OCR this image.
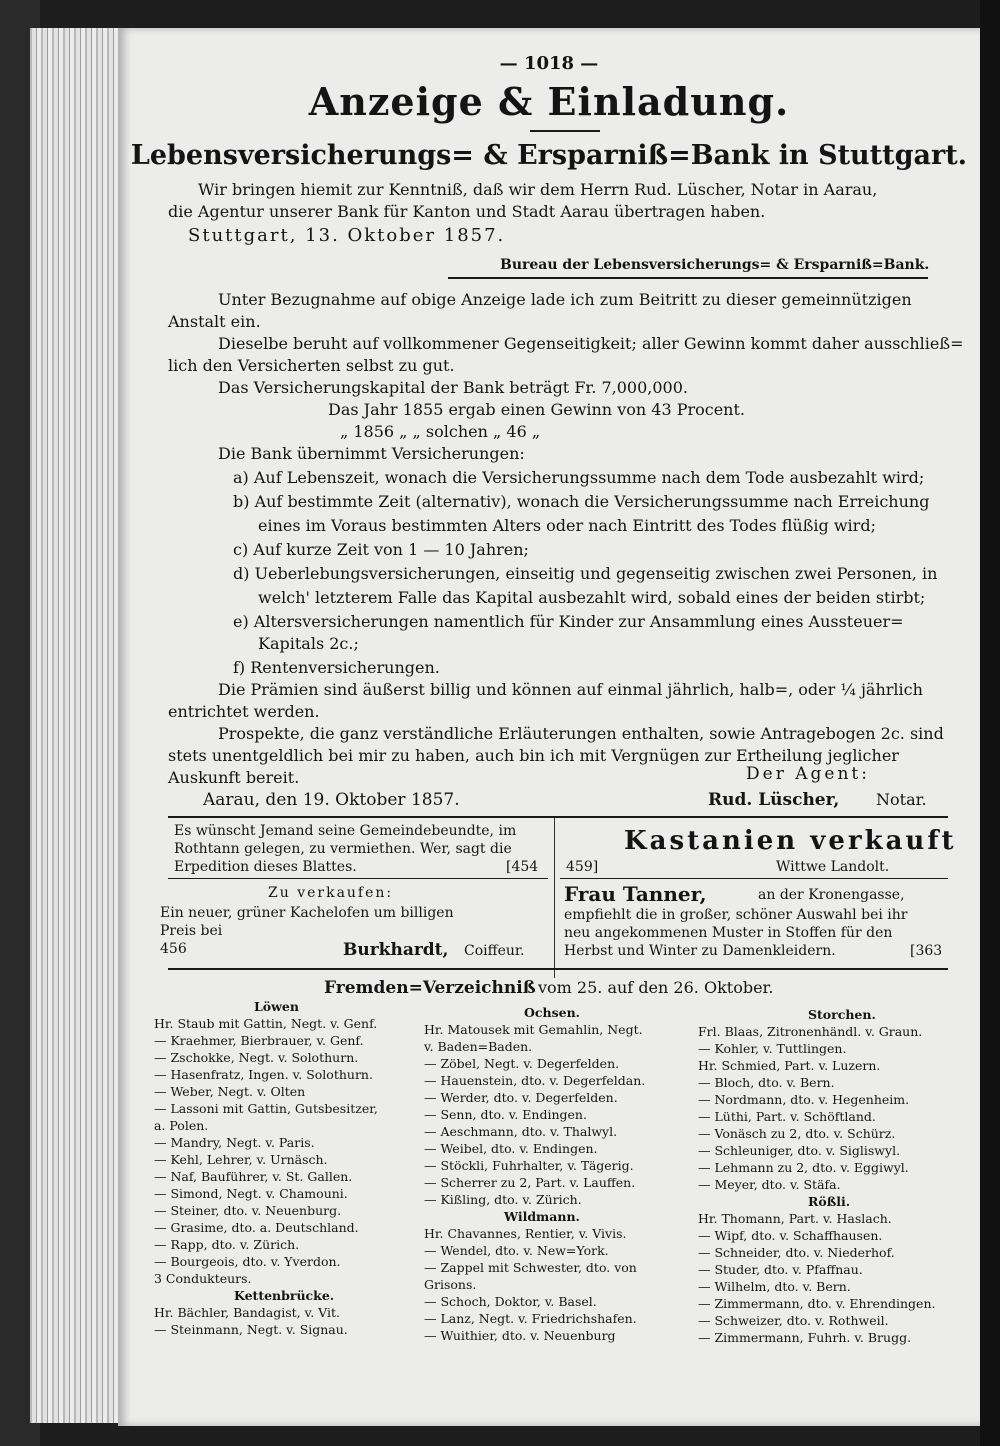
— 1018 —
Anzeige & Einladung.
Lebensversicherungs= & Ersparniß=Bank in Stuttgart.
Wir bringen hiemit zur Kenntniß, daß wir dem Herrn Rud. Lüscher, Notar in Aarau,
die Agentur unserer Bank für Kanton und Stadt Aarau übertragen haben.
Stuttgart, 13. Oktober 1857.
Bureau der Lebensversicherungs= & Ersparniß=Bank.
Unter Bezugnahme auf obige Anzeige lade ich zum Beitritt zu dieser gemeinnützigen
Anstalt ein.
Dieselbe beruht auf vollkommener Gegenseitigkeit; aller Gewinn kommt daher ausschließ=
lich den Versicherten selbst zu gut.
Das Versicherungskapital der Bank beträgt Fr. 7,000,000.
Das Jahr 1855 ergab einen Gewinn von 43 Procent.
„ 1856 „ „ solchen „ 46 „
Die Bank übernimmt Versicherungen:
a) Auf Lebenszeit, wonach die Versicherungssumme nach dem Tode ausbezahlt wird;
b) Auf bestimmte Zeit (alternativ), wonach die Versicherungssumme nach Erreichung
eines im Voraus bestimmten Alters oder nach Eintritt des Todes flüßig wird;
c) Auf kurze Zeit von 1 — 10 Jahren;
d) Ueberlebungsversicherungen, einseitig und gegenseitig zwischen zwei Personen, in
welch' letzterem Falle das Kapital ausbezahlt wird, sobald eines der beiden stirbt;
e) Altersversicherungen namentlich für Kinder zur Ansammlung eines Aussteuer=
Kapitals 2c.;
f) Rentenversicherungen.
Die Prämien sind äußerst billig und können auf einmal jährlich, halb=, oder ¼ jährlich
entrichtet werden.
Prospekte, die ganz verständliche Erläuterungen enthalten, sowie Antragebogen 2c. sind
stets unentgeldlich bei mir zu haben, auch bin ich mit Vergnügen zur Ertheilung jeglicher
Auskunft bereit.	Der Agent:
Aarau, den 19. Oktober 1857.	Rud. Lüscher, Notar.
Es wünscht Jemand seine Gemeindebeundte, im
Rothtann gelegen, zu vermiethen. Wer, sagt die
Erpedition dieses Blattes.	[454
Zu verkaufen:
Ein neuer, grüner Kachelofen um billigen
Preis bei
456	Burkhardt, Coiffeur.
Kastanien verkauft
459]	Wittwe Landolt.
Frau Tanner,	an der Kronengasse,
empfiehlt die in großer, schöner Auswahl bei ihr
neu angekommenen Muster in Stoffen für den
Herbst und Winter zu Damenkleidern.	[363
Fremden=Verzeichniß vom 25. auf den 26. Oktober.
Löwen
Hr. Staub mit Gattin, Negt. v. Genf.
— Kraehmer, Bierbrauer, v. Genf.
— Zschokke, Negt. v. Solothurn.
— Hasenfratz, Ingen. v. Solothurn.
— Weber, Negt. v. Olten
— Lassoni mit Gattin, Gutsbesitzer,
a. Polen.
— Mandry, Negt. v. Paris.
— Kehl, Lehrer, v. Urnäsch.
— Naf, Bauführer, v. St. Gallen.
— Simond, Negt. v. Chamouni.
— Steiner, dto. v. Neuenburg.
— Grasime, dto. a. Deutschland.
— Rapp, dto. v. Zürich.
— Bourgeois, dto. v. Yverdon.
3 Condukteurs.
Kettenbrücke.
Hr. Bächler, Bandagist, v. Vit.
— Steinmann, Negt. v. Signau.
Ochsen.
Hr. Matousek mit Gemahlin, Negt.
v. Baden=Baden.
— Zöbel, Negt. v. Degerfelden.
— Hauenstein, dto. v. Degerfeldan.
— Werder, dto. v. Degerfelden.
— Senn, dto. v. Endingen.
— Aeschmann, dto. v. Thalwyl.
— Weibel, dto. v. Endingen.
— Stöckli, Fuhrhalter, v. Tägerig.
— Scherrer zu 2, Part. v. Lauffen.
— Kißling, dto. v. Zürich.
Wildmann.
Hr. Chavannes, Rentier, v. Vivis.
— Wendel, dto. v. New=York.
— Zappel mit Schwester, dto. von
Grisons.
— Schoch, Doktor, v. Basel.
— Lanz, Negt. v. Friedrichshafen.
— Wuithier, dto. v. Neuenburg
Storchen.
Frl. Blaas, Zitronenhändl. v. Graun.
— Kohler, v. Tuttlingen.
Hr. Schmied, Part. v. Luzern.
— Bloch, dto. v. Bern.
— Nordmann, dto. v. Hegenheim.
— Lüthi, Part. v. Schöftland.
— Vonäsch zu 2, dto. v. Schürz.
— Schleuniger, dto. v. Sigliswyl.
— Lehmann zu 2, dto. v. Eggiwyl.
— Meyer, dto. v. Stäfa.
Rößli.
Hr. Thomann, Part. v. Haslach.
— Wipf, dto. v. Schaffhausen.
— Schneider, dto. v. Niederhof.
— Studer, dto. v. Pfaffnau.
— Wilhelm, dto. v. Bern.
— Zimmermann, dto. v. Ehrendingen.
— Schweizer, dto. v. Rothweil.
— Zimmermann, Fuhrh. v. Brugg.
